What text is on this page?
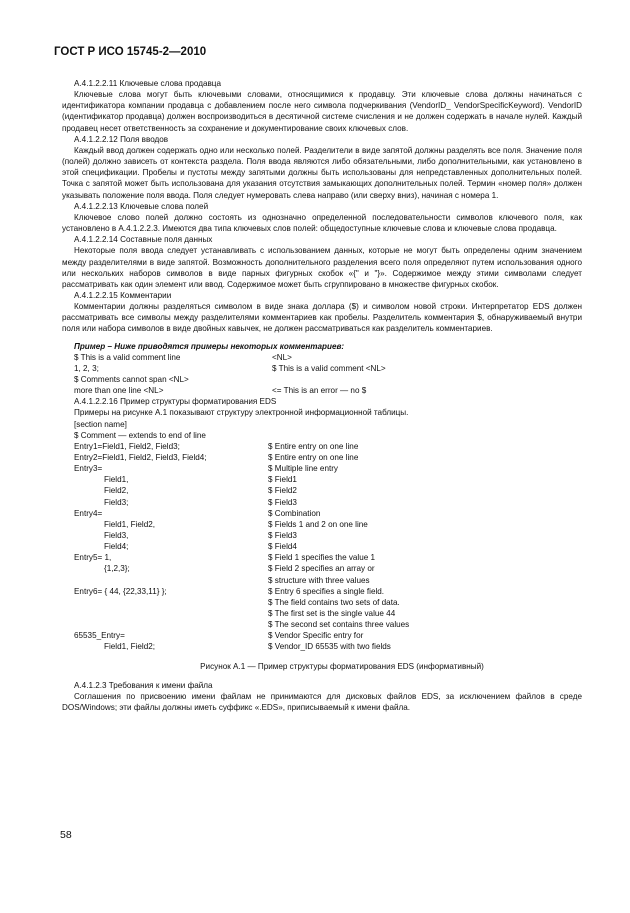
ГОСТ Р ИСО 15745-2—2010
А.4.1.2.2.11 Ключевые слова продавца
Ключевые слова могут быть ключевыми словами, относящимися к продавцу. Эти ключевые слова должны начинаться с идентификатора компании продавца с добавлением после него символа подчеркивания (VendorID_ VendorSpecificKeyword). VendorID (идентификатор продавца) должен воспроизводиться в десятичной системе счисления и не должен содержать в начале нулей. Каждый продавец несет ответственность за сохранение и документирование своих ключевых слов.
А.4.1.2.2.12 Поля вводов
Каждый ввод должен содержать одно или несколько полей. Разделители в виде запятой должны разделять все поля. Значение поля (полей) должно зависеть от контекста раздела. Поля ввода являются либо обязательными, либо дополнительными, как установлено в этой спецификации. Пробелы и пустоты между запятыми должны быть использованы для непредставленных дополнительных полей. Точка с запятой может быть использована для указания отсутствия замыкающих дополнительных полей. Термин «номер поля» должен указывать положение поля ввода. Поля следует нумеровать слева направо (или сверху вниз), начиная с номера 1.
А.4.1.2.2.13 Ключевые слова полей
Ключевое слово полей должно состоять из однозначно определенной последовательности символов ключевого поля, как установлено в А.4.1.2.2.3. Имеются два типа ключевых слов полей: общедоступные ключевые слова и ключевые слова продавца.
А.4.1.2.2.14 Составные поля данных
Некоторые поля ввода следует устанавливать с использованием данных, которые не могут быть определены одним значением между разделителями в виде запятой. Возможность дополнительного разделения всего поля определяют путем использования одного или нескольких наборов символов в виде парных фигурных скобок «{" и "}». Содержимое между этими символами следует рассматривать как один элемент или ввод. Содержимое может быть сгруппировано в множестве фигурных скобок.
А.4.1.2.2.15 Комментарии
Комментарии должны разделяться символом в виде знака доллара ($) и символом новой строки. Интерпретатор EDS должен рассматривать все символы между разделителями комментариев как пробелы. Разделитель комментария $, обнаруживаемый внутри поля или набора символов в виде двойных кавычек, не должен рассматриваться как разделитель комментариев.
Пример – Ниже приводятся примеры некоторых комментариев:
$ This is a valid comment line	<NL>
1, 2, 3;	$ This is a valid comment <NL>
$ Comments cannot span <NL>
more than one line <NL>	<= This is an error — no $
А.4.1.2.2.16 Пример структуры форматирования EDS
Примеры на рисунке А.1 показывают структуру электронной информационной таблицы.
[section name]
$ Comment — extends to end of line
Entry1=Field1, Field2, Field3;	$ Entire entry on one line
Entry2=Field1, Field2, Field3, Field4;	$ Entire entry on one line
Entry3=	$ Multiple line entry
Field1,	$ Field1
Field2,	$ Field2
Field3;	$ Field3
Entry4=	$ Combination
Field1, Field2,	$ Fields 1 and 2 on one line
Field3,	$ Field3
Field4;	$ Field4
Entry5= 1,	$ Field 1 specifies the value 1
{1,2,3};	$ Field 2 specifies an array or
$ structure with three values
Entry6= { 44, {22,33,11} };	$ Entry 6 specifies a single field.
$ The field contains two sets of data.
$ The first set is the single value 44
$ The second set contains three values
65535_Entry=	$ Vendor Specific entry for
Field1, Field2;	$ Vendor_ID 65535 with two fields
Рисунок А.1 — Пример структуры форматирования EDS (информативный)
А.4.1.2.3 Требования к имени файла
Соглашения по присвоению имени файлам не принимаются для дисковых файлов EDS, за исключением файлов в среде DOS/Windows; эти файлы должны иметь суффикс «.EDS», приписываемый к имени файла.
58
